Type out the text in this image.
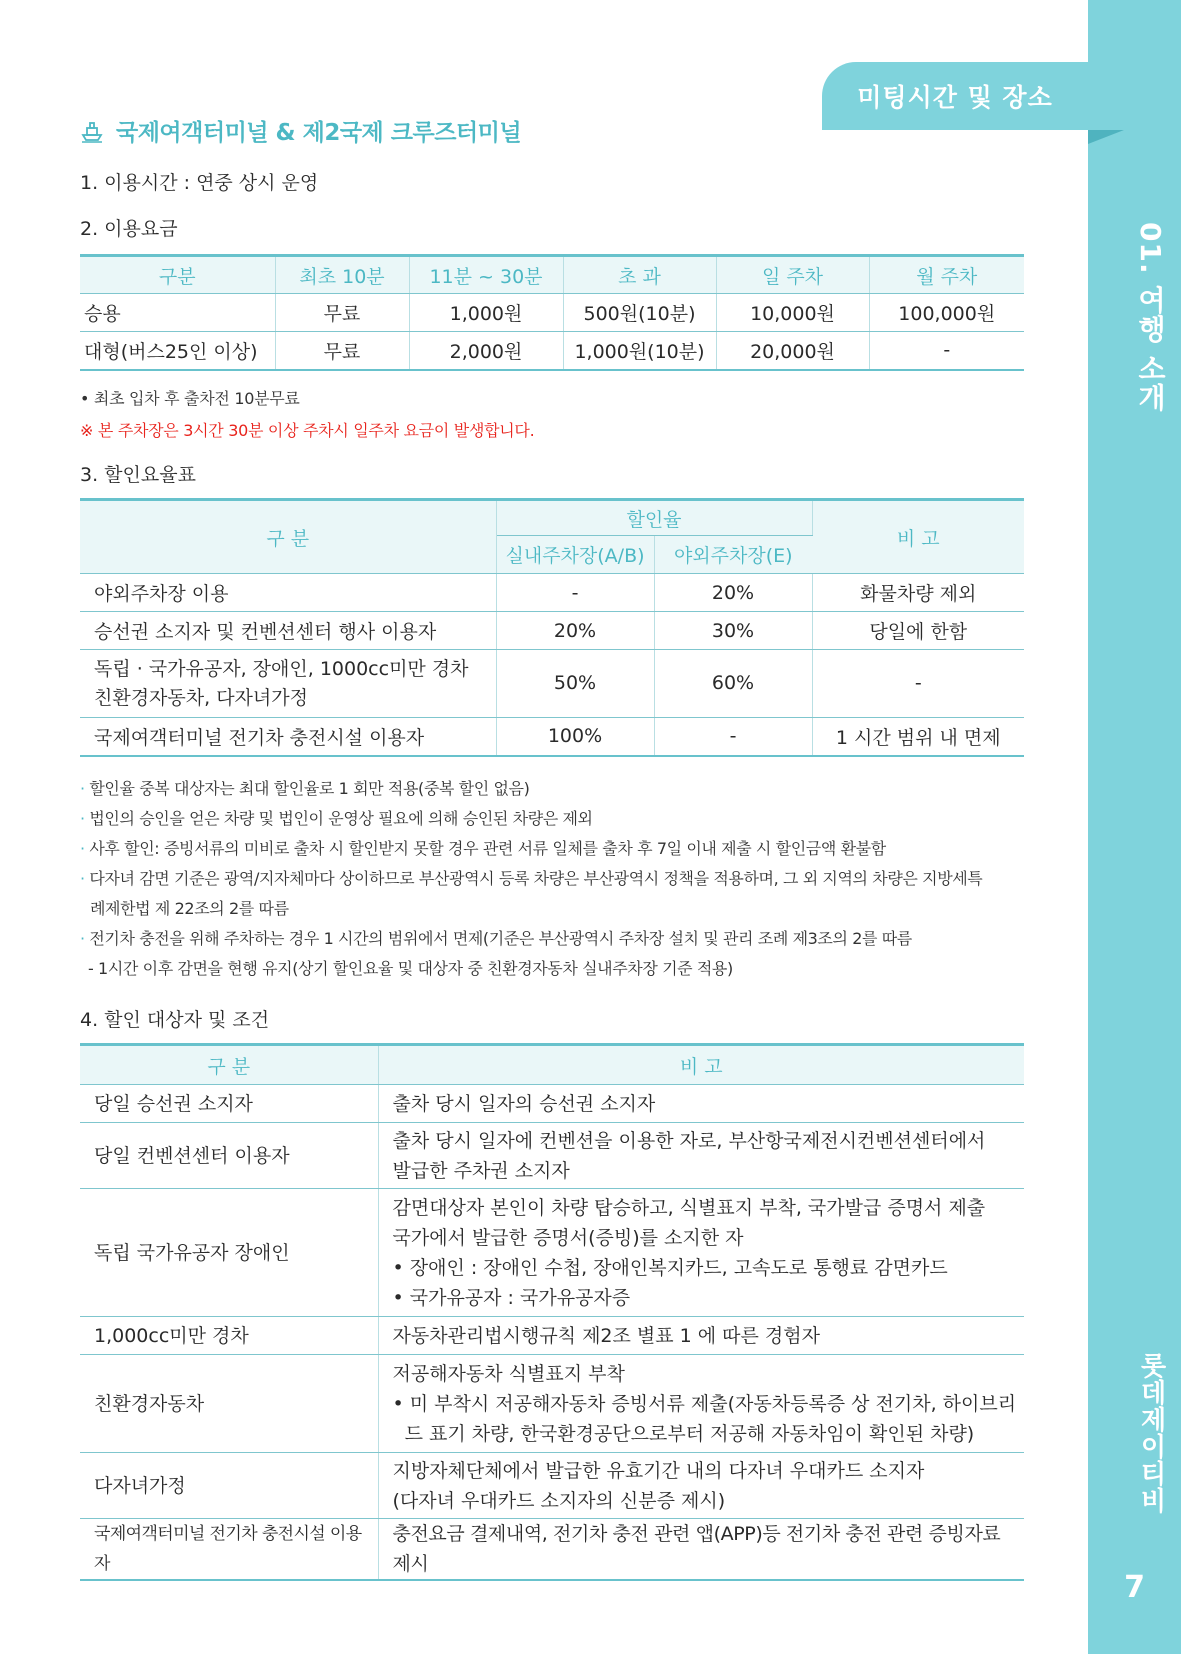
01. 여행 소개
롯데제이티비
7
미팅시간 및 장소
국제여객터미널 & 제2국제 크루즈터미널
1. 이용시간 : 연중 상시 운영
2. 이용요금
구분	최초 10분	11분 ~ 30분	초 과	일 주차	월 주차
승용	무료	1,000원	500원(10분)	10,000원	100,000원
대형(버스25인 이상)	무료	2,000원	1,000원(10분)	20,000원	-
• 최초 입차 후 출차전 10분무료
※ 본 주차장은 3시간 30분 이상 주차시 일주차 요금이 발생합니다.
3. 할인요율표
구 분	할인율		비 고
	실내주차장(A/B)	야외주차장(E)	
야외주차장 이용	-	20%	화물차량 제외
승선권 소지자 및 컨벤션센터 행사 이용자	20%	30%	당일에 한함

독립 · 국가유공자, 장애인, 1000cc미만 경차
친환경자동차, 다자녀가정	50%	60%	-
국제여객터미널 전기차 충전시설 이용자	100%	-	1 시간 범위 내 면제
· 할인율 중복 대상자는 최대 할인율로 1 회만 적용(중복 할인 없음)
· 법인의 승인을 얻은 차량 및 법인이 운영상 필요에 의해 승인된 차량은 제외
· 사후 할인: 증빙서류의 미비로 출차 시 할인받지 못할 경우 관련 서류 일체를 출차 후 7일 이내 제출 시 할인금액 환불함
· 다자녀 감면 기준은 광역/지자체마다 상이하므로 부산광역시 등록 차량은 부산광역시 정책을 적용하며, 그 외 지역의 차량은 지방세특
례제한법 제 22조의 2를 따름
· 전기차 충전을 위해 주차하는 경우 1 시간의 범위에서 면제(기준은 부산광역시 주차장 설치 및 관리 조례 제3조의 2를 따름
- 1시간 이후 감면을 현행 유지(상기 할인요율 및 대상자 중 친환경자동차 실내주차장 기준 적용)
4. 할인 대상자 및 조건
구 분	비 고
당일 승선권 소지자	출차 당시 일자의 승선권 소지자

당일 컨벤션센터 이용자	출차 당시 일자에 컨벤션을 이용한 자로, 부산항국제전시컨벤션센터에서
발급한 주차권 소지자

독립 국가유공자 장애인	감면대상자 본인이 차량 탑승하고, 식별표지 부착, 국가발급 증명서 제출
국가에서 발급한 증명서(증빙)를 소지한 자
• 장애인 : 장애인 수첩, 장애인복지카드, 고속도로 통행료 감면카드
• 국가유공자 : 국가유공자증

1,000cc미만 경차	자동차관리법시행규칙 제2조 별표 1 에 따른 경험자

친환경자동차	저공해자동차 식별표지 부착
• 미 부착시 저공해자동차 증빙서류 제출(자동차등록증 상 전기차, 하이브리
드 표기 차량, 한국환경공단으로부터 저공해 자동차임이 확인된 차량)

다자녀가정	지방자체단체에서 발급한 유효기간 내의 다자녀 우대카드 소지자
(다자녀 우대카드 소지자의 신분증 제시)

국제여객터미널 전기차 충전시설 이용자	충전요금 결제내역, 전기차 충전 관련 앱(APP)등 전기차 충전 관련 증빙자료 제시
